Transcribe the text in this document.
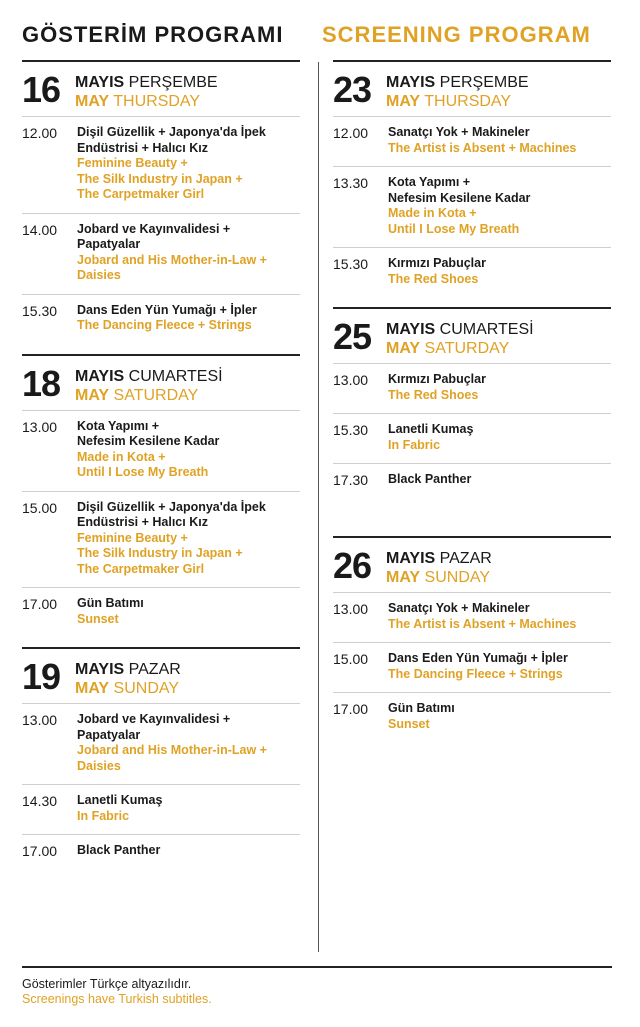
GÖSTERİM PROGRAMI SCREENING PROGRAM
16 MAYIS PERŞEMBE
MAY THURSDAY
12.00	Dişil Güzellik + Japonya'da İpek
Endüstrisi + Halıcı Kız
Feminine Beauty +
The Silk Industry in Japan +
The Carpetmaker Girl
14.00	Jobard ve Kayınvalidesi +
Papatyalar
Jobard and His Mother-in-Law +
Daisies
15.30	Dans Eden Yün Yumağı + İpler
The Dancing Fleece + Strings
18 MAYIS CUMARTESİ
MAY SATURDAY
13.00	Kota Yapımı +
Nefesim Kesilene Kadar
Made in Kota +
Until I Lose My Breath
15.00	Dişil Güzellik + Japonya'da İpek
Endüstrisi + Halıcı Kız
Feminine Beauty +
The Silk Industry in Japan +
The Carpetmaker Girl
17.00	Gün Batımı
Sunset
19 MAYIS PAZAR
MAY SUNDAY
13.00	Jobard ve Kayınvalidesi +
Papatyalar
Jobard and His Mother-in-Law +
Daisies
14.30	Lanetli Kumaş
In Fabric
17.00	Black Panther
23 MAYIS PERŞEMBE
MAY THURSDAY
12.00	Sanatçı Yok + Makineler
The Artist is Absent + Machines
13.30	Kota Yapımı +
Nefesim Kesilene Kadar
Made in Kota +
Until I Lose My Breath
15.30	Kırmızı Pabuçlar
The Red Shoes
25 MAYIS CUMARTESİ
MAY SATURDAY
13.00	Kırmızı Pabuçlar
The Red Shoes
15.30	Lanetli Kumaş
In Fabric
17.30	Black Panther
26 MAYIS PAZAR
MAY SUNDAY
13.00	Sanatçı Yok + Makineler
The Artist is Absent + Machines
15.00	Dans Eden Yün Yumağı + İpler
The Dancing Fleece + Strings
17.00	Gün Batımı
Sunset
Gösterimler Türkçe altyazılıdır.
Screenings have Turkish subtitles.
